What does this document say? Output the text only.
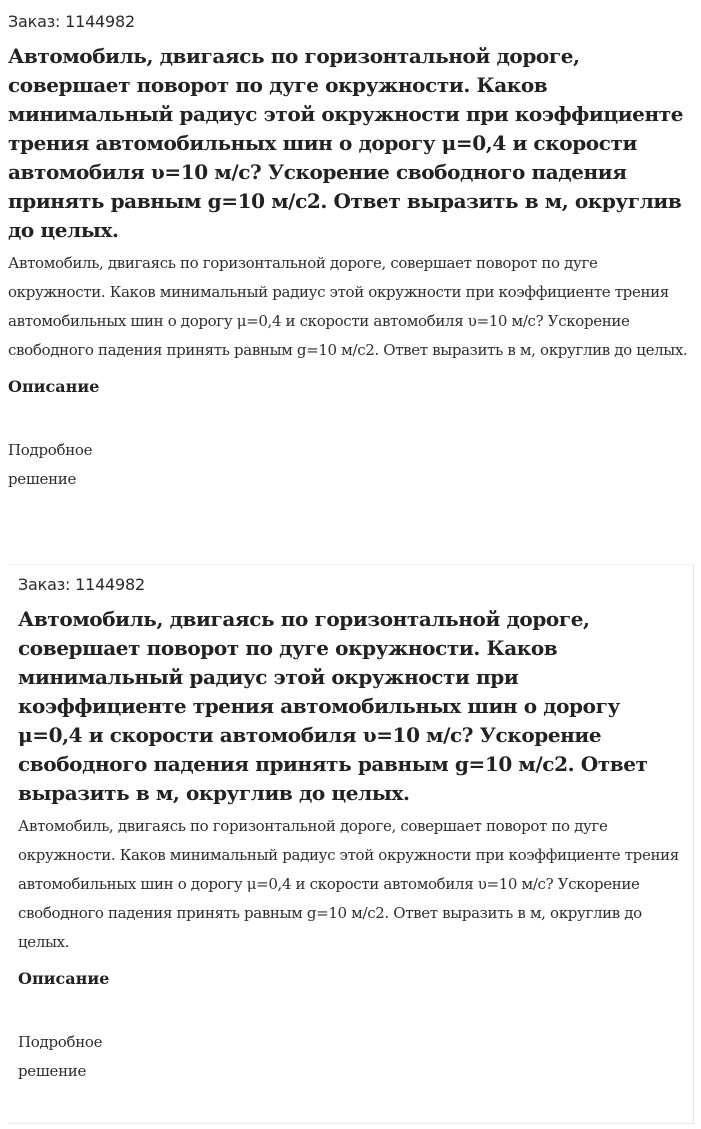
Заказ: 1144982
Автомобиль, двигаясь по горизонтальной дороге, совершает поворот по дуге окружности. Каков минимальный радиус этой окружности при коэффициенте трения автомобильных шин о дорогу μ=0,4 и скорости автомобиля υ=10 м/с? Ускорение свободного падения принять равным g=10 м/с2. Ответ выразить в м, округлив до целых.

Автомобиль, двигаясь по горизонтальной дороге, совершает поворот по дуге окружности. Каков минимальный радиус этой окружности при коэффициенте трения автомобильных шин о дорогу μ=0,4 и скорости автомобиля υ=10 м/с? Ускорение свободного падения принять равным g=10 м/с2. Ответ выразить в м, округлив до целых.

Описание
Подробное решение
Заказ: 1144982
Автомобиль, двигаясь по горизонтальной дороге, совершает поворот по дуге окружности. Каков минимальный радиус этой окружности при коэффициенте трения автомобильных шин о дорогу μ=0,4 и скорости автомобиля υ=10 м/с? Ускорение свободного падения принять равным g=10 м/с2. Ответ выразить в м, округлив до целых.

Автомобиль, двигаясь по горизонтальной дороге, совершает поворот по дуге окружности. Каков минимальный радиус этой окружности при коэффициенте трения автомобильных шин о дорогу μ=0,4 и скорости автомобиля υ=10 м/с? Ускорение свободного падения принять равным g=10 м/с2. Ответ выразить в м, округлив до целых.

Описание
Подробное решение
